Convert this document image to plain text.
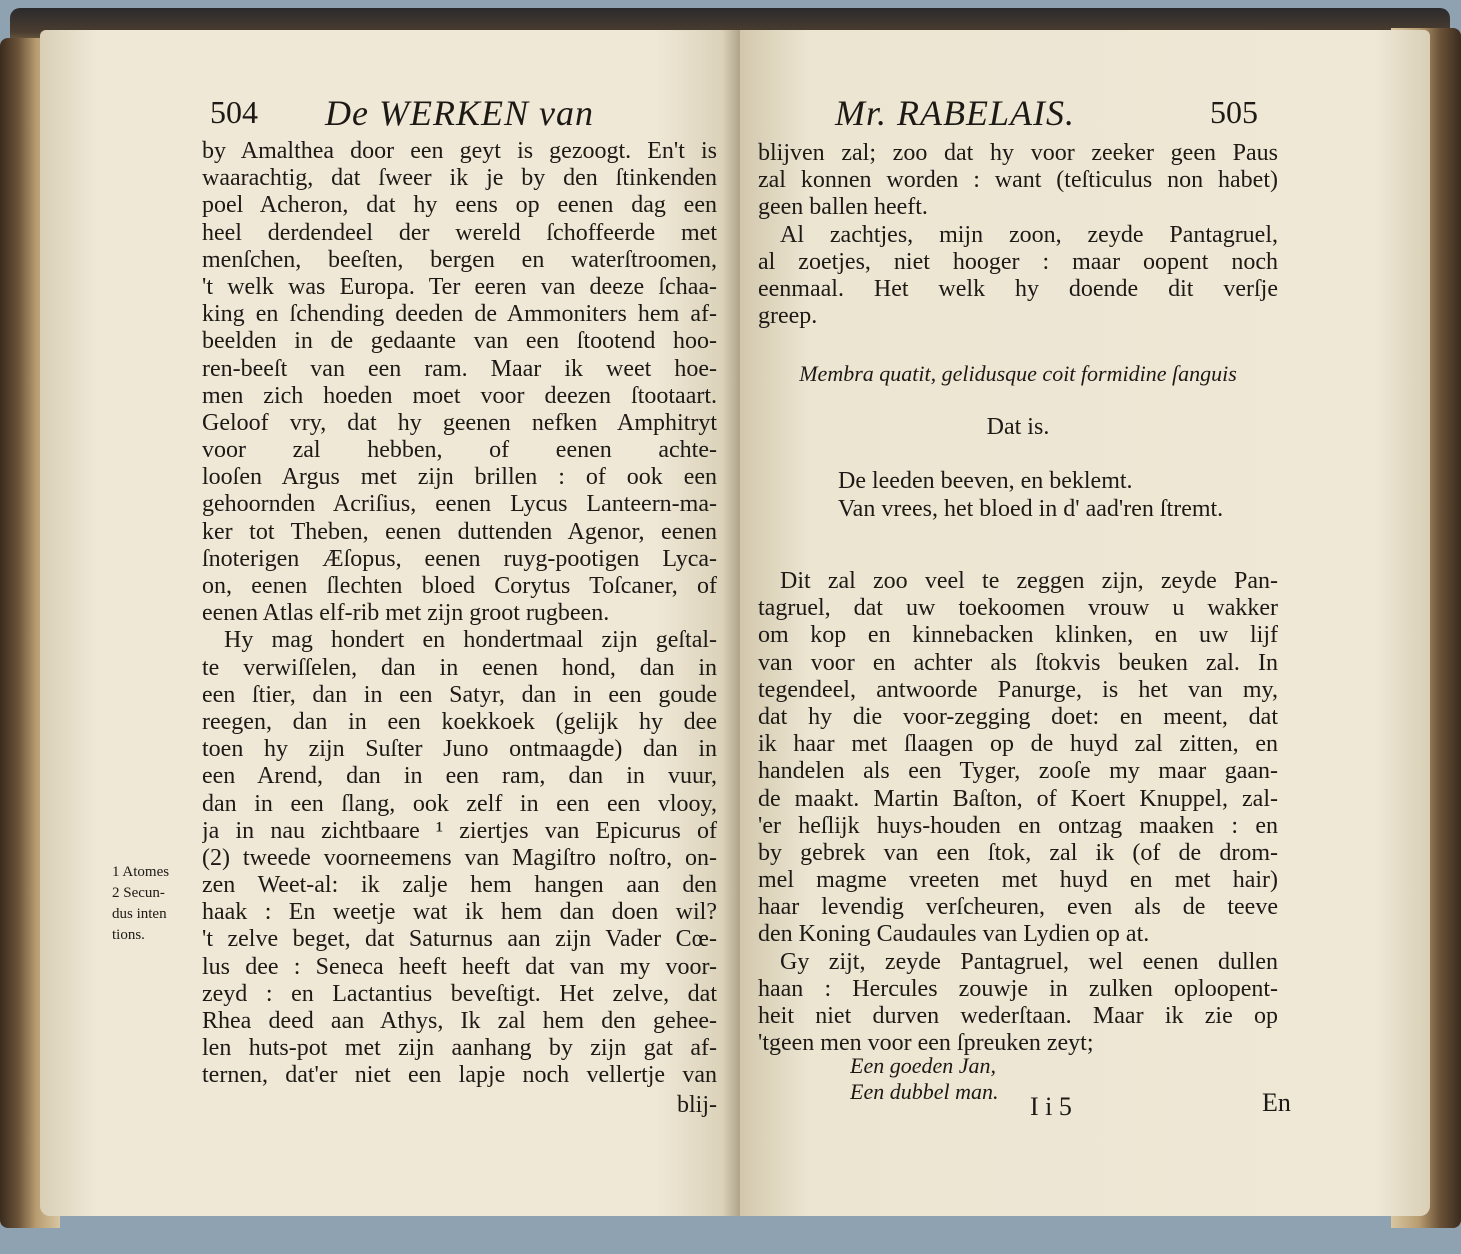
504 De WERKEN van
by Amalthea door een geyt is gezoogt. En't is
waarachtig, dat ſweer ik je by den ſtinkenden
poel Acheron, dat hy eens op eenen dag een
heel derdendeel der wereld ſchoffeerde met
menſchen, beeſten, bergen en waterſtroomen,
't welk was Europa. Ter eeren van deeze ſchaa-
king en ſchending deeden de Ammoniters hem af-
beelden in de gedaante van een ſtootend hoo-
ren-beeſt van een ram. Maar ik weet hoe-
men zich hoeden moet voor deezen ſtootaart.
Geloof vry, dat hy geenen nefken Amphitryt
voor zal hebben, of eenen achte-
looſen Argus met zijn brillen : of ook een
gehoornden Acriſius, eenen Lycus Lanteern-ma-
ker tot Theben, eenen duttenden Agenor, eenen
ſnoterigen Æſopus, eenen ruyg-pootigen Lyca-
on, eenen ſlechten bloed Corytus Toſcaner, of
eenen Atlas elf-rib met zijn groot rugbeen.
Hy mag hondert en hondertmaal zijn geſtal-
te verwiſſelen, dan in eenen hond, dan in
een ſtier, dan in een Satyr, dan in een goude
reegen, dan in een koekkoek (gelijk hy dee
toen hy zijn Suſter Juno ontmaagde) dan in
een Arend, dan in een ram, dan in vuur,
dan in een ſlang, ook zelf in een een vlooy,
ja in nau zichtbaare ¹ ziertjes van Epicurus of
(2) tweede voorneemens van Magiſtro noſtro, on-
zen Weet-al: ik zalje hem hangen aan den
haak : En weetje wat ik hem dan doen wil?
't zelve beget, dat Saturnus aan zijn Vader Cœ-
lus dee : Seneca heeft heeft dat van my voor-
zeyd : en Lactantius beveſtigt. Het zelve, dat
Rhea deed aan Athys, Ik zal hem den gehee-
len huts-pot met zijn aanhang by zijn gat af-
ternen, dat'er niet een lapje noch vellertje van
blij-
1 Atomes
2 Secun-
dus inten
tions.
Mr. RABELAIS.	505
blijven zal; zoo dat hy voor zeeker geen Paus
zal konnen worden : want (teſticulus non habet)
geen ballen heeft.
Al zachtjes, mijn zoon, zeyde Pantagruel,
al zoetjes, niet hooger : maar oopent noch
eenmaal. Het welk hy doende dit verſje
greep.
Membra quatit, gelidusque coit formidine ſanguis
Dat is.
De leeden beeven, en beklemt.
Van vrees, het bloed in d' aad'ren ſtremt.
Dit zal zoo veel te zeggen zijn, zeyde Pan-
tagruel, dat uw toekoomen vrouw u wakker
om kop en kinnebacken klinken, en uw lijf
van voor en achter als ſtokvis beuken zal. In
tegendeel, antwoorde Panurge, is het van my,
dat hy die voor-zegging doet: en meent, dat
ik haar met ſlaagen op de huyd zal zitten, en
handelen als een Tyger, zooſe my maar gaan-
de maakt. Martin Baſton, of Koert Knuppel, zal-
'er heſlijk huys-houden en ontzag maaken : en
by gebrek van een ſtok, zal ik (of de drom-
mel magme vreeten met huyd en met hair)
haar levendig verſcheuren, even als de teeve
den Koning Caudaules van Lydien op at.
Gy zijt, zeyde Pantagruel, wel eenen dullen
haan : Hercules zouwje in zulken oploopent-
heit niet durven wederſtaan. Maar ik zie op
'tgeen men voor een ſpreuken zeyt;
Een goeden Jan,
Een dubbel man.
I i 5	En
